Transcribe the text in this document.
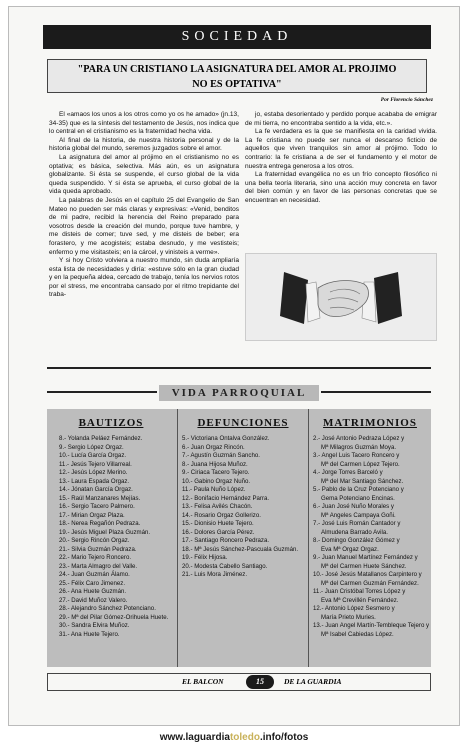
SOCIEDAD
"PARA UN CRISTIANO LA ASIGNATURA DEL AMOR AL PROJIMO
NO ES OPTATIVA"
Por Florencio Sánchez

El «amaos los unos a los otros como yo os he amado» (jn.13, 34-35) que es la síntesis del testamento de Jesús, nos indica que lo central en el cristianismo es la fraternidad hecha vida.

Al final de la historia, de nuestra historia personal y de la historia global del mundo, seremos juzgados sobre el amor.

La asignatura del amor al prójimo en el cristianismo no es optativa; es básica, selectiva. Más aún, es un asignatura globalizante. Si ésta se suspende, el curso global de la vida queda suspendido. Y si ésta se aprueba, el curso global de la vida queda aprobado.

La palabras de Jesús en el capítulo 25 del Evangelio de San Mateo no pueden ser más claras y expresivas: «Venid, benditos de mi padre, recibid la herencia del Reino preparado para vosotros desde la creación del mundo, porque tuve hambre, y me disteis de comer; tuve sed, y me disteis de beber; era forastero, y me acogisteis; estaba desnudo, y me vestisteis; enfermo y me visitasteis; en la cárcel, y vinisteis a verme».

Y si hoy Cristo volviera a nuestro mundo, sin duda ampliaría esta lista de necesidades y diría: «estuve sólo en la gran ciudad y en la pequeña aldea, cercado de trabajo, tenía los nervios rotos por el stress, me encontraba cansado por el ritmo trepidante del traba-

jo, estaba desorientado y perdido porque acababa de emigrar de mi tierra, no encontraba sentido a la vida, etc.».

La fe verdadera es la que se manifiesta en la caridad vivida. La fe cristiana no puede ser nunca el descanso ficticio de aquellos que viven tranquilos sin amor al prójimo. Todo lo contrario: la fe cristiana a de ser el fundamento y el motor de nuestra entrega generosa a los otros.

La fraternidad evangélica no es un frío concepto filosófico ni una bella teoría literaria, sino una acción muy concreta en favor del bien común y en favor de las personas concretas que se encuentran en necesidad.

VIDA PARROQUIAL
BAUTIZOS
8.- Yolanda Peláez Fernández.
9.- Sergio López Orgaz.
10.- Lucía García Orgaz.
11.- Jesús Tejero Villarreal.
12.- Jesús López Merino.
13.- Laura Espada Orgaz.
14.- Jónatan García Orgaz.
15.- Raúl Manzanares Mejías.
16.- Sergio Tacero Palmero.
17.- Mirian Orgaz Plaza.
18.- Nerea Regañón Pedraza.
19.- Jesús Miguel Plaza Guzmán.
20.- Sergio Rincón Orgaz.
21.- Silvia Guzmán Pedraza.
22.- Mario Tejero Roncero.
23.- Marta Almagro del Valle.
24.- Juan Guzmán Álamo.
25.- Félix Caro Jimenez.
26.- Ana Huete Guzmán.
27.- David Muñoz Valero.
28.- Alejandro Sánchez Potenciano.
29.- Mª del Pilar Gómez-Orihuela Huete.
30.- Sandra Elvira Muñoz.
31.- Ana Huete Tejero.
DEFUNCIONES
5.- Victoriana Ontalva González.
6.- Juan Orgaz Rincón.
7.- Agustín Guzmán Sancho.
8.- Juana Hijosa Muñoz.
9.- Ciriaca Tacero Tejero.
10.- Gabino Orgaz Nuño.
11.- Paula Nuño López.
12.- Bonifacio Hernández Parra.
13.- Felisa Avilés Chacón.
14.- Rosario Orgaz Gollerizo.
15.- Dionisio Huete Tejero.
16.- Dolores García Pérez.
17.- Santiago Roncero Pedraza.
18.- Mª Jesús Sánchez-Pascuala Guzmán.
19.- Félix Hijosa.
20.- Modesta Cabello Santiago.
21.- Luis Mora Jiménez.
MATRIMONIOS
2.- José Antonio Pedraza López y
Mª Milagros Guzmán Moya.
3.- Angel Luis Tacero Roncero y
Mª del Carmen López Tejero.
4.- Jorge Torres Barceló y
Mª del Mar Santiago Sánchez.
5.- Pablo de la Cruz Potenciano y
Gema Potenciano Encinas.
6.- Juan José Nuño Morales y
Mª Angeles Campaya Goñi.
7.- José Luis Román Cantador y
Almudena Barrado Avila.
8.- Domingo González Gómez y
Eva Mª Orgaz Orgaz.
9.- Juan Manuel Martínez Fernández y
Mª del Carmen Huete Sánchez.
10.- José Jesús Matallanos Carpintero y
Mª del Carmen Guzmán Fernández.
11.- Juan Cristóbal Torres López y
Eva Mª Crevillén Fernández.
12.- Antonio López Sesmero y
María Prieto Muries.
13.- Juan Angel Martín-Tembleque Tejero y
Mª Isabel Cabiedas López.
EL BALCON	15	DE LA GUARDIA
www.laguardiatoledo.info/fotos
